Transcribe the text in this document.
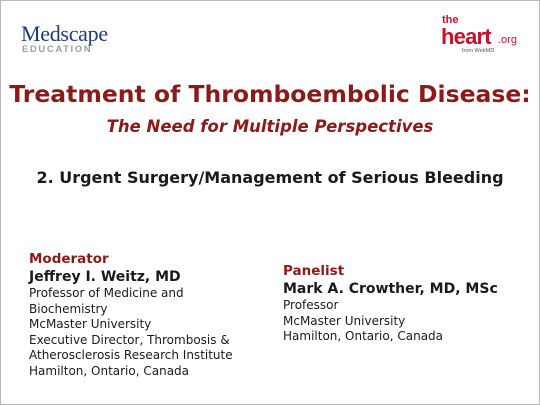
Medscape
EDUCATION
the
heart .org
from WebMD
Treatment of Thromboembolic Disease:
The Need for Multiple Perspectives
2. Urgent Surgery/Management of Serious Bleeding
Moderator
Jeffrey I. Weitz, MD
Professor of Medicine and
Biochemistry
McMaster University
Executive Director, Thrombosis &
Atherosclerosis Research Institute
Hamilton, Ontario, Canada
Panelist
Mark A. Crowther, MD, MSc
Professor
McMaster University
Hamilton, Ontario, Canada
